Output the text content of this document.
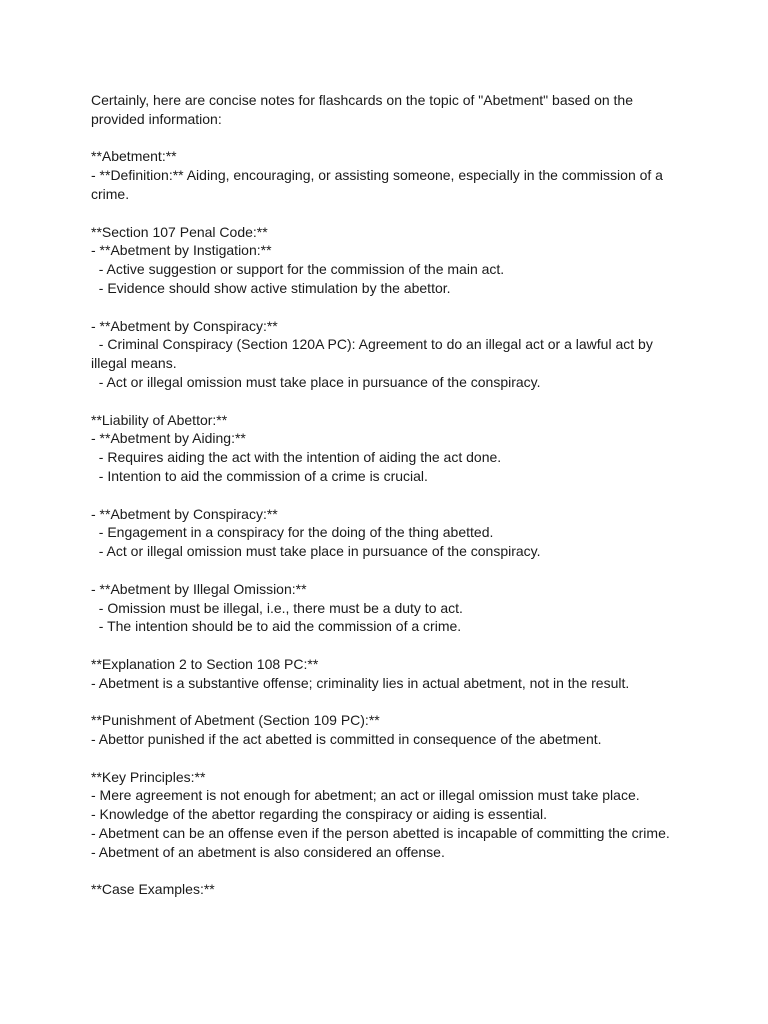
Certainly, here are concise notes for flashcards on the topic of "Abetment" based on the
provided information:
**Abetment:**
- **Definition:** Aiding, encouraging, or assisting someone, especially in the commission of a
crime.
**Section 107 Penal Code:**
- **Abetment by Instigation:**
- Active suggestion or support for the commission of the main act.
- Evidence should show active stimulation by the abettor.
- **Abetment by Conspiracy:**
- Criminal Conspiracy (Section 120A PC): Agreement to do an illegal act or a lawful act by
illegal means.
- Act or illegal omission must take place in pursuance of the conspiracy.
**Liability of Abettor:**
- **Abetment by Aiding:**
- Requires aiding the act with the intention of aiding the act done.
- Intention to aid the commission of a crime is crucial.
- **Abetment by Conspiracy:**
- Engagement in a conspiracy for the doing of the thing abetted.
- Act or illegal omission must take place in pursuance of the conspiracy.
- **Abetment by Illegal Omission:**
- Omission must be illegal, i.e., there must be a duty to act.
- The intention should be to aid the commission of a crime.
**Explanation 2 to Section 108 PC:**
- Abetment is a substantive offense; criminality lies in actual abetment, not in the result.
**Punishment of Abetment (Section 109 PC):**
- Abettor punished if the act abetted is committed in consequence of the abetment.
**Key Principles:**
- Mere agreement is not enough for abetment; an act or illegal omission must take place.
- Knowledge of the abettor regarding the conspiracy or aiding is essential.
- Abetment can be an offense even if the person abetted is incapable of committing the crime.
- Abetment of an abetment is also considered an offense.
**Case Examples:**
